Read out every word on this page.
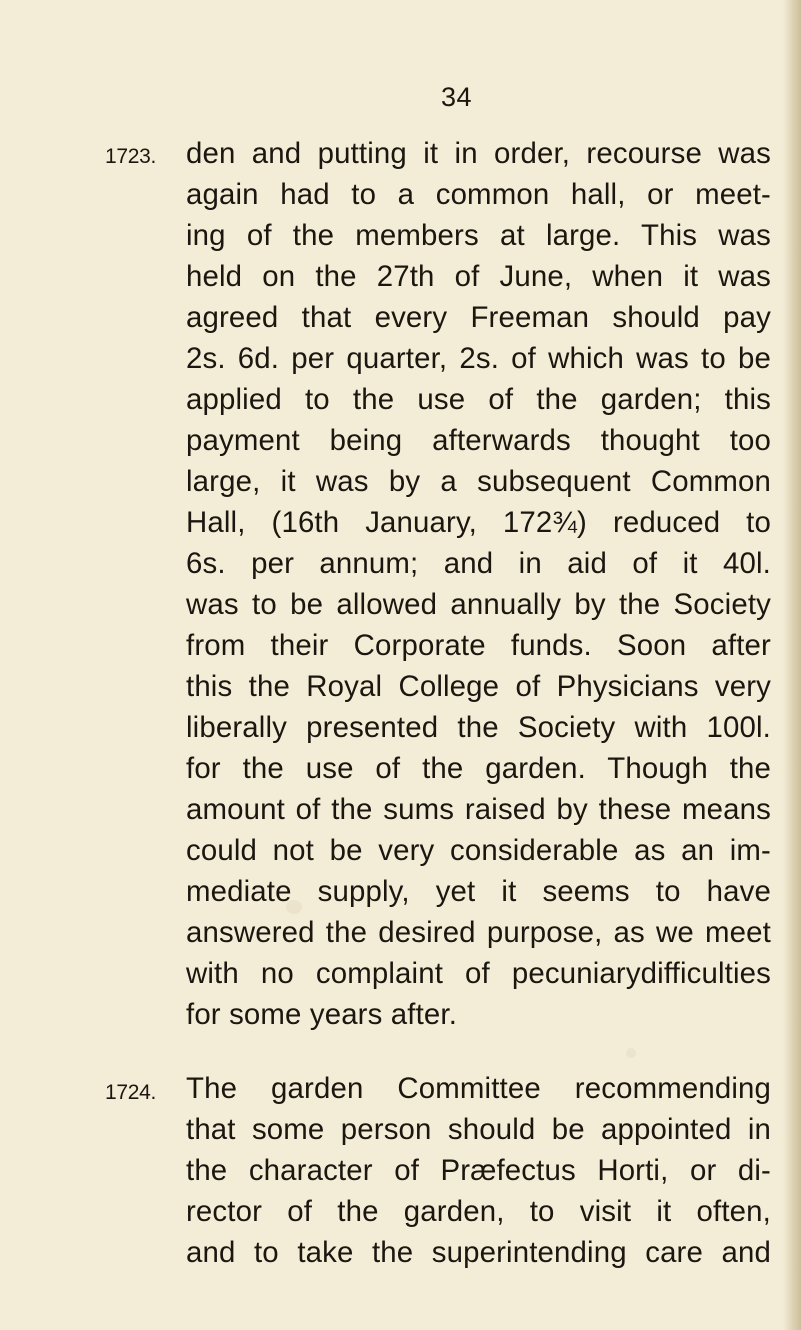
34
1723. den and putting it in order, recourse was
again had to a common hall, or meet-
ing of the members at large. This was
held on the 27th of June, when it was
agreed that every Freeman should pay
2s. 6d. per quarter, 2s. of which was to be
applied to the use of the garden; this
payment being afterwards thought too
large, it was by a subsequent Common
Hall, (16th January, 172¾) reduced to
6s. per annum; and in aid of it 40l.
was to be allowed annually by the Society
from their Corporate funds. Soon after
this the Royal College of Physicians very
liberally presented the Society with 100l.
for the use of the garden. Though the
amount of the sums raised by these means
could not be very considerable as an im-
mediate supply, yet it seems to have
answered the desired purpose, as we meet
with no complaint of pecuniarydifficulties
for some years after.
1724. The garden Committee recommending
that some person should be appointed in
the character of Præfectus Horti, or di-
rector of the garden, to visit it often,
and to take the superintending care and
